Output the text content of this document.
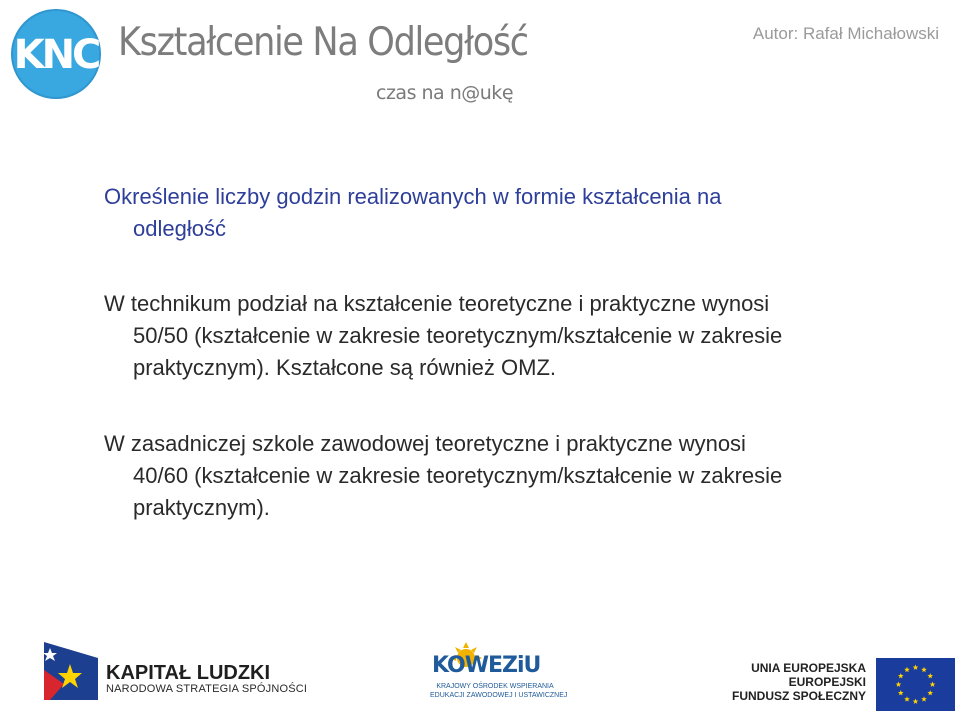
KNC Kształcenie Na Odległość
czas na n@ukę
Autor: Rafał Michałowski
Określenie liczby godzin realizowanych w formie kształcenia na
odległość
W technikum podział na kształcenie teoretyczne i praktyczne wynosi
50/50 (kształcenie w zakresie teoretycznym/kształcenie w zakresie
praktycznym). Kształcone są również OMZ.
W zasadniczej szkole zawodowej teoretyczne i praktyczne wynosi
40/60 (kształcenie w zakresie teoretycznym/kształcenie w zakresie
praktycznym).
KAPITAŁ LUDZKI
NARODOWA STRATEGIA SPÓJNOŚCI
KOWEZiU
KRAJOWY OŚRODEK WSPIERANIA
EDUKACJI ZAWODOWEJ I USTAWICZNEJ
UNIA EUROPEJSKA
EUROPEJSKI
FUNDUSZ SPOŁECZNY
